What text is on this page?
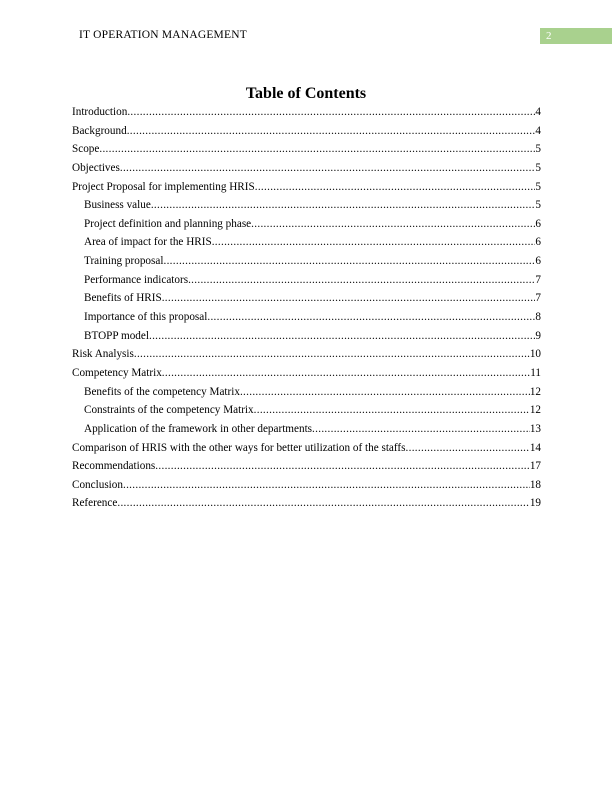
IT OPERATION MANAGEMENT	2
Table of Contents
Introduction .....	4
Background .....	4
Scope .....	5
Objectives .....	5
Project Proposal for implementing HRIS .....	5
Business value .....	5
Project definition and planning phase .....	6
Area of impact for the HRIS .....	6
Training proposal .....	6
Performance indicators .....	7
Benefits of HRIS .....	7
Importance of this proposal .....	8
BTOPP model .....	9
Risk Analysis .....	10
Competency Matrix .....	11
Benefits of the competency Matrix .....	12
Constraints of the competency Matrix .....	12
Application of the framework in other departments .....	13
Comparison of HRIS with the other ways for better utilization of the staffs .....	14
Recommendations .....	17
Conclusion .....	18
Reference .....	19
